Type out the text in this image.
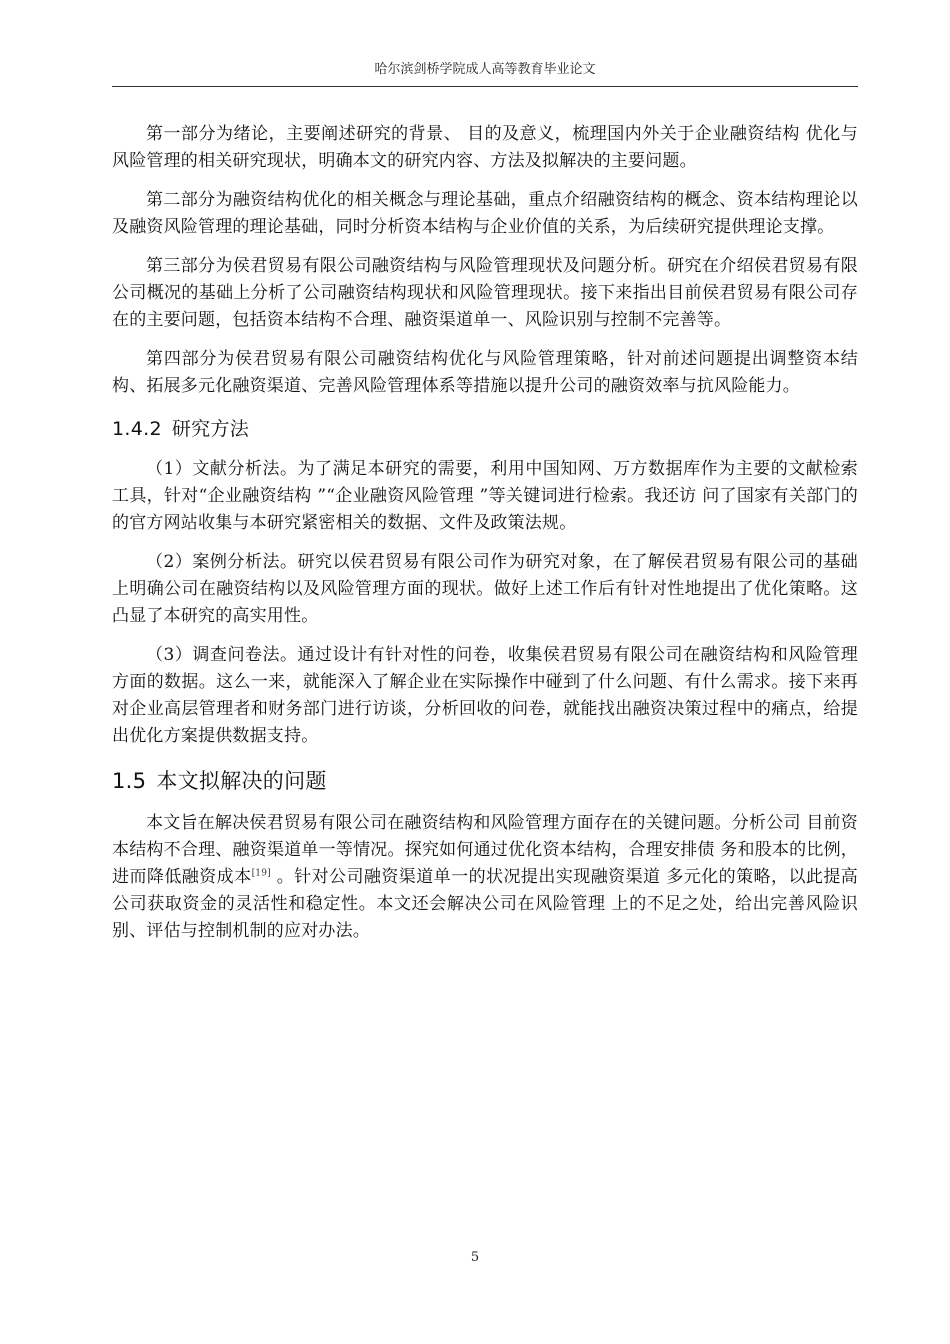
哈尔滨剑桥学院成人高等教育毕业论文

第一部分为绪论，主要阐述研究的背景、 目的及意义，梳理国内外关于企业融资结构 优化与风险管理的相关研究现状，明确本文的研究内容、方法及拟解决的主要问题。

第二部分为融资结构优化的相关概念与理论基础，重点介绍融资结构的概念、资本结构理论以及融资风险管理的理论基础，同时分析资本结构与企业价值的关系，为后续研究提供理论支撑。

第三部分为侯君贸易有限公司融资结构与风险管理现状及问题分析。研究在介绍侯君贸易有限公司概况的基础上分析了公司融资结构现状和风险管理现状。接下来指出目前侯君贸易有限公司存在的主要问题，包括资本结构不合理、融资渠道单一、风险识别与控制不完善等。

第四部分为侯君贸易有限公司融资结构优化与风险管理策略，针对前述问题提出调整资本结构、拓展多元化融资渠道、完善风险管理体系等措施以提升公司的融资效率与抗风险能力。

1.4.2 研究方法

（1）文献分析法。为了满足本研究的需要，利用中国知网、万方数据库作为主要的文献检索工具，针对“企业融资结构 ”“企业融资风险管理 ”等关键词进行检索。我还访 问了国家有关部门的的官方网站收集与本研究紧密相关的数据、文件及政策法规。

（2）案例分析法。研究以侯君贸易有限公司作为研究对象，在了解侯君贸易有限公司的基础上明确公司在融资结构以及风险管理方面的现状。做好上述工作后有针对性地提出了优化策略。这凸显了本研究的高实用性。

（3）调查问卷法。通过设计有针对性的问卷，收集侯君贸易有限公司在融资结构和风险管理方面的数据。这么一来，就能深入了解企业在实际操作中碰到了什么问题、有什么需求。接下来再对企业高层管理者和财务部门进行访谈，分析回收的问卷，就能找出融资决策过程中的痛点，给提出优化方案提供数据支持。

1.5 本文拟解决的问题

本文旨在解决侯君贸易有限公司在融资结构和风险管理方面存在的关键问题。分析公司 目前资本结构不合理、融资渠道单一等情况。探究如何通过优化资本结构，合理安排债 务和股本的比例，进而降低融资成本[19] 。针对公司融资渠道单一的状况提出实现融资渠道 多元化的策略，以此提高公司获取资金的灵活性和稳定性。本文还会解决公司在风险管理 上的不足之处，给出完善风险识别、评估与控制机制的应对办法。

5
